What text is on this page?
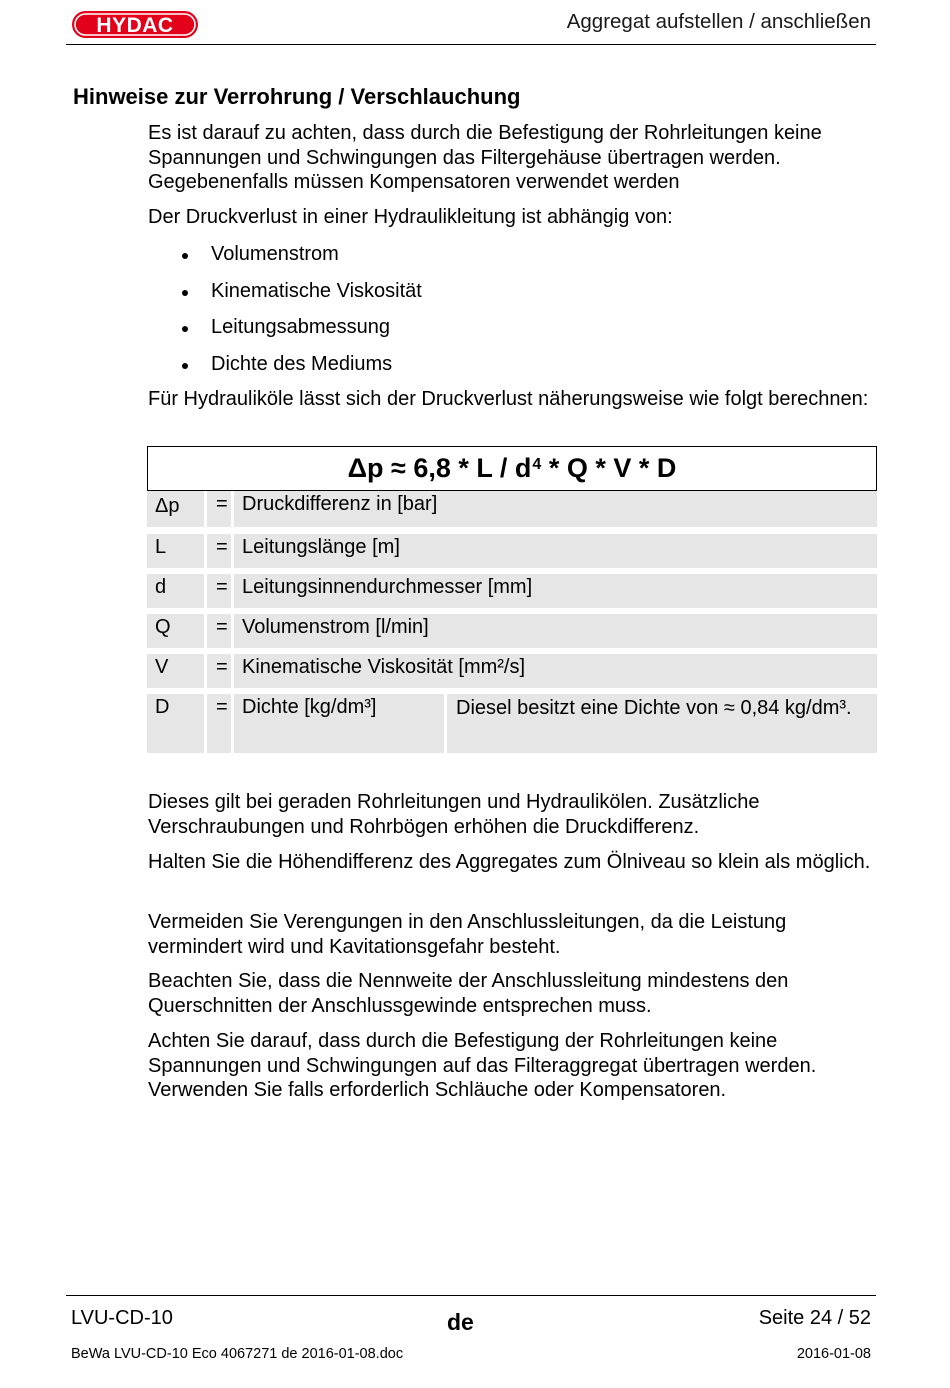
HYDAC	Aggregat aufstellen / anschließen
Hinweise zur Verrohrung / Verschlauchung

Es ist darauf zu achten, dass durch die Befestigung der Rohrleitungen keine Spannungen und Schwingungen das Filtergehäuse übertragen werden. Gegebenenfalls müssen Kompensatoren verwendet werden

Der Druckverlust in einer Hydraulikleitung ist abhängig von:

Volumenstrom
Kinematische Viskosität
Leitungsabmessung
Dichte des Mediums

Für Hydrauliköle lässt sich der Druckverlust näherungsweise wie folgt berechnen:

$\Delta p \approx 6,8 * L / d^4 * Q * V * D$
Δp = Druckdifferenz in [bar]
L = Leitungslänge [m]
d = Leitungsinnendurchmesser [mm]
Q = Volumenstrom [l/min]
V = Kinematische Viskosität [mm²/s]
D = Dichte [kg/dm³]	Diesel besitzt eine Dichte von ≈ 0,84 kg/dm³.

Dieses gilt bei geraden Rohrleitungen und Hydraulikölen. Zusätzliche Verschraubungen und Rohrbögen erhöhen die Druckdifferenz.

Halten Sie die Höhendifferenz des Aggregates zum Ölniveau so klein als möglich.

Vermeiden Sie Verengungen in den Anschlussleitungen, da die Leistung vermindert wird und Kavitationsgefahr besteht.

Beachten Sie, dass die Nennweite der Anschlussleitung mindestens den Querschnitten der Anschlussgewinde entsprechen muss.

Achten Sie darauf, dass durch die Befestigung der Rohrleitungen keine Spannungen und Schwingungen auf das Filteraggregat übertragen werden. Verwenden Sie falls erforderlich Schläuche oder Kompensatoren.

LVU-CD-10	de	Seite 24 / 52
BeWa LVU-CD-10 Eco 4067271 de 2016-01-08.doc	2016-01-08
